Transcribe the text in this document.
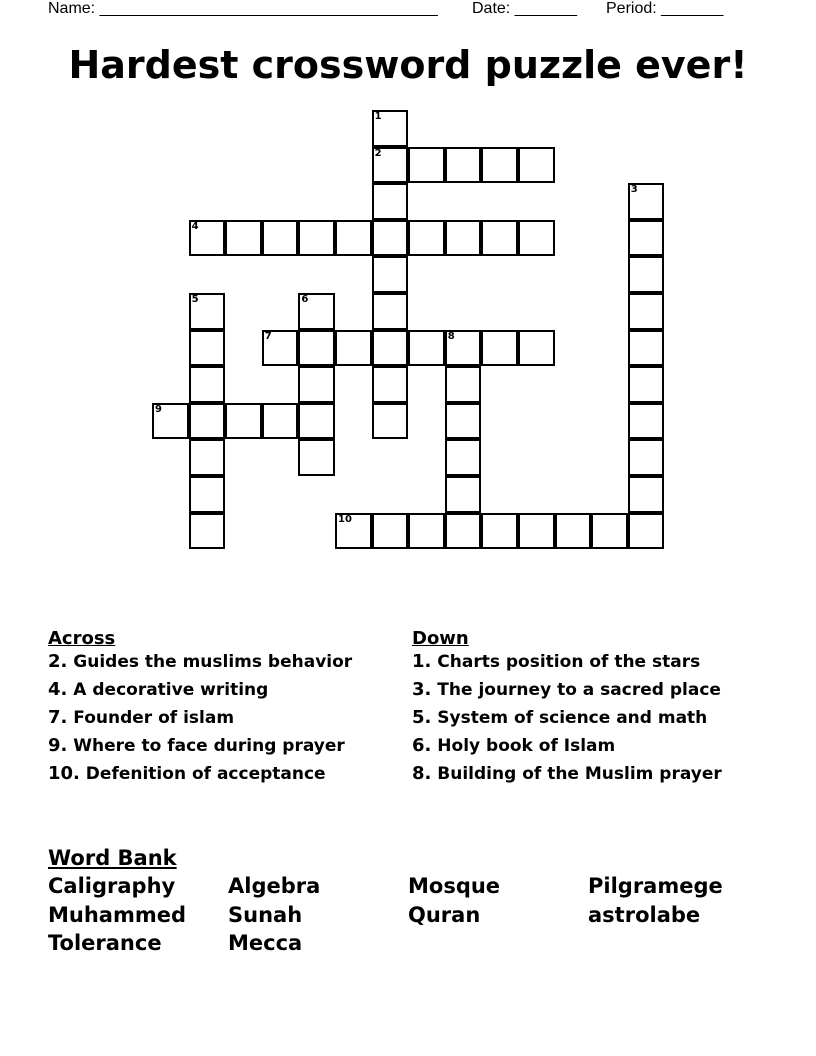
Name: ______________________________________ Date: _______ Period: _______
Hardest crossword puzzle ever!
1
2
3
4
5	6
7	8
9
10
Across
2. Guides the muslims behavior
4. A decorative writing
7. Founder of islam
9. Where to face during prayer
10. Defenition of acceptance
Down
1. Charts position of the stars
3. The journey to a sacred place
5. System of science and math
6. Holy book of Islam
8. Building of the Muslim prayer
Word Bank
Caligraphy	Algebra	Mosque	Pilgramege
Muhammed Sunah	Quran	astrolabe
Tolerance	Mecca
